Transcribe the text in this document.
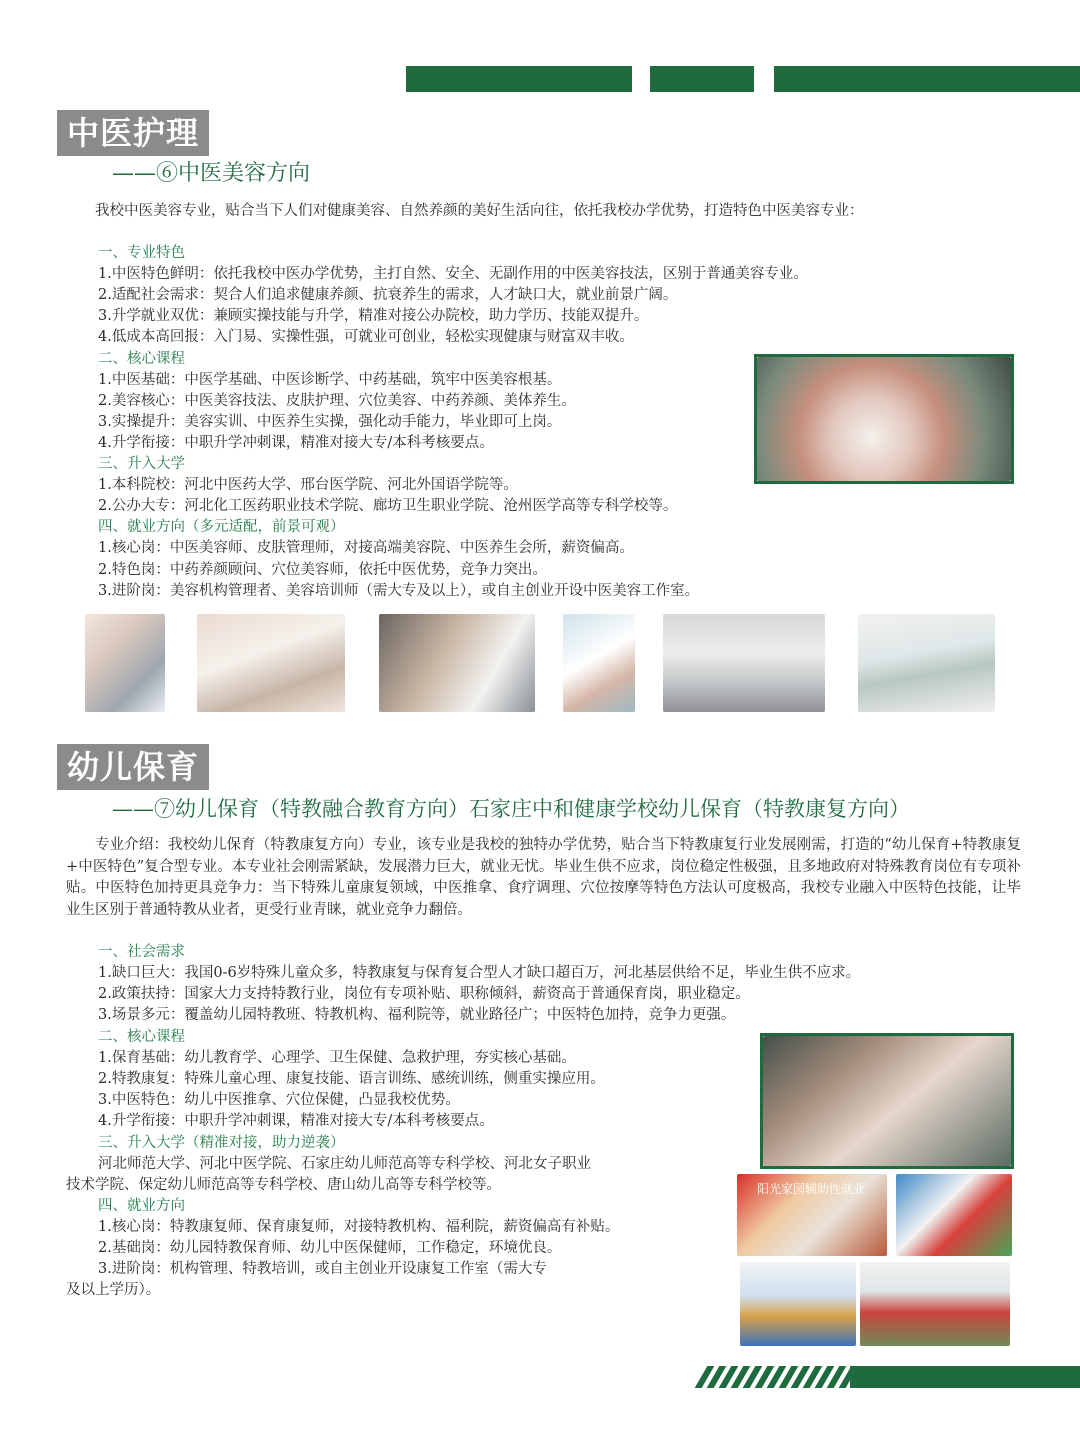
中医护理
——⑥中医美容方向

我校中医美容专业，贴合当下人们对健康美容、自然养颜的美好生活向往，依托我校办学优势，打造特色中医美容专业：

一、专业特色
1.中医特色鲜明：依托我校中医办学优势，主打自然、安全、无副作用的中医美容技法，区别于普通美容专业。
2.适配社会需求：契合人们追求健康养颜、抗衰养生的需求，人才缺口大，就业前景广阔。
3.升学就业双优：兼顾实操技能与升学，精准对接公办院校，助力学历、技能双提升。
4.低成本高回报：入门易、实操性强，可就业可创业，轻松实现健康与财富双丰收。
二、核心课程
1.中医基础：中医学基础、中医诊断学、中药基础，筑牢中医美容根基。
2.美容核心：中医美容技法、皮肤护理、穴位美容、中药养颜、美体养生。
3.实操提升：美容实训、中医养生实操，强化动手能力，毕业即可上岗。
4.升学衔接：中职升学冲刺课，精准对接大专/本科考核要点。
三、升入大学
1.本科院校：河北中医药大学、邢台医学院、河北外国语学院等。
2.公办大专：河北化工医药职业技术学院、廊坊卫生职业学院、沧州医学高等专科学校等。
四、就业方向（多元适配，前景可观）
1.核心岗：中医美容师、皮肤管理师，对接高端美容院、中医养生会所，薪资偏高。
2.特色岗：中药养颜顾问、穴位美容师，依托中医优势，竞争力突出。
3.进阶岗：美容机构管理者、美容培训师（需大专及以上），或自主创业开设中医美容工作室。
幼儿保育
——⑦幼儿保育（特教融合教育方向）石家庄中和健康学校幼儿保育（特教康复方向）

专业介绍：我校幼儿保育（特教康复方向）专业，该专业是我校的独特办学优势，贴合当下特教康复行业发展刚需，打造的“幼儿保育+特教康复+中医特色”复合型专业。本专业社会刚需紧缺，发展潜力巨大，就业无忧。毕业生供不应求，岗位稳定性极强，且多地政府对特殊教育岗位有专项补贴。中医特色加持更具竞争力：当下特殊儿童康复领域，中医推拿、食疗调理、穴位按摩等特色方法认可度极高，我校专业融入中医特色技能，让毕业生区别于普通特教从业者，更受行业青睐，就业竞争力翻倍。

一、社会需求
1.缺口巨大：我国0-6岁特殊儿童众多，特教康复与保育复合型人才缺口超百万，河北基层供给不足，毕业生供不应求。
2.政策扶持：国家大力支持特教行业，岗位有专项补贴、职称倾斜，薪资高于普通保育岗，职业稳定。
3.场景多元：覆盖幼儿园特教班、特教机构、福利院等，就业路径广；中医特色加持，竞争力更强。
二、核心课程
1.保育基础：幼儿教育学、心理学、卫生保健、急救护理，夯实核心基础。
2.特教康复：特殊儿童心理、康复技能、语言训练、感统训练，侧重实操应用。
3.中医特色：幼儿中医推拿、穴位保健，凸显我校优势。
4.升学衔接：中职升学冲刺课，精准对接大专/本科考核要点。
三、升入大学（精准对接，助力逆袭）
河北师范大学、河北中医学院、石家庄幼儿师范高等专科学校、河北女子职业
技术学院、保定幼儿师范高等专科学校、唐山幼儿高等专科学校等。
四、就业方向
1.核心岗：特教康复师、保育康复师，对接特教机构、福利院，薪资偏高有补贴。
2.基础岗：幼儿园特教保育师、幼儿中医保健师，工作稳定，环境优良。
3.进阶岗：机构管理、特教培训，或自主创业开设康复工作室（需大专
及以上学历）。
阳光家园辅助性就业
